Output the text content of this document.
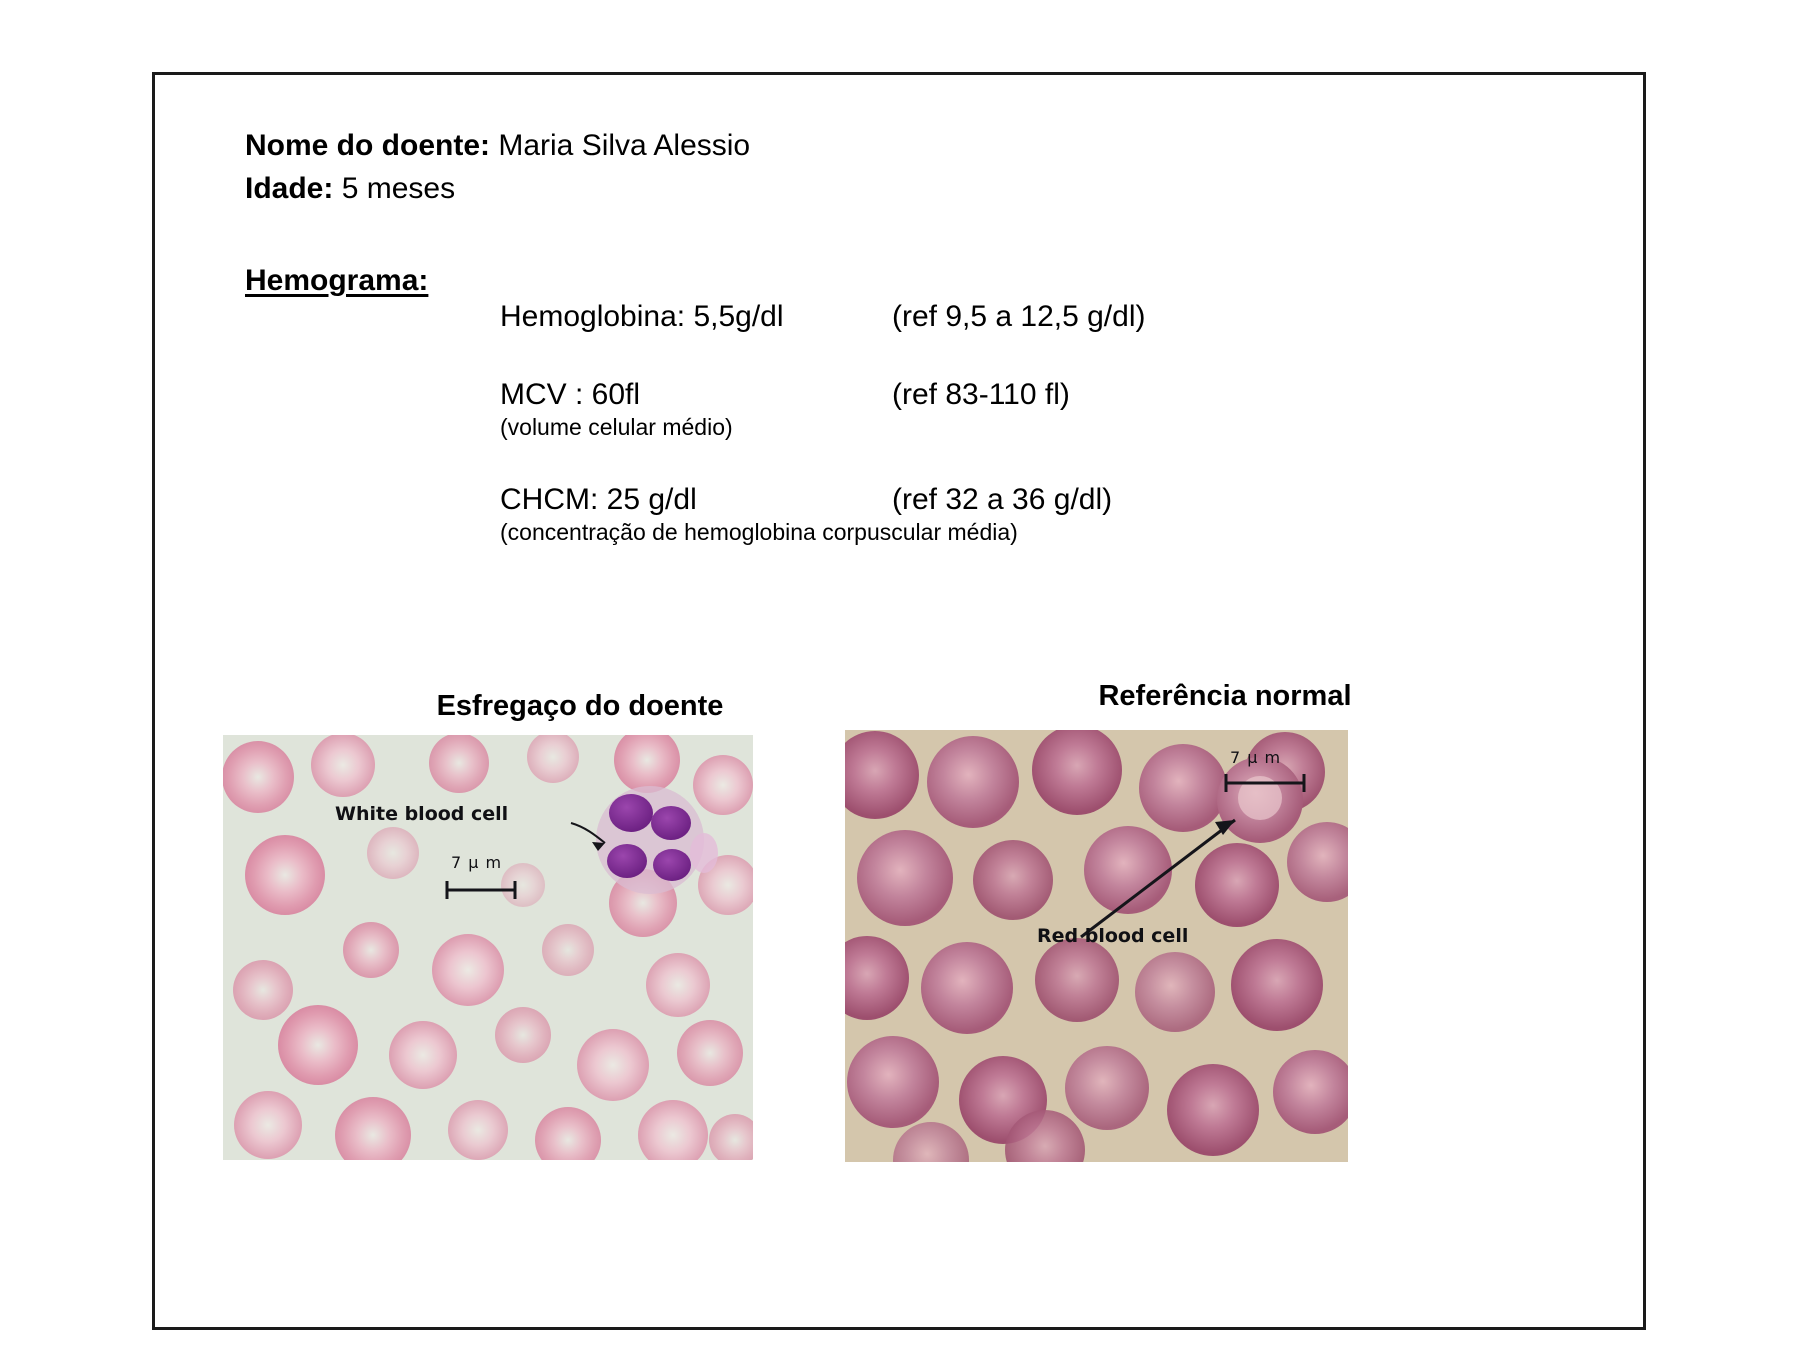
Nome do doente: Maria Silva Alessio
Idade: 5 meses
Hemograma:
Hemoglobina: 5,5g/dl	(ref 9,5 a 12,5 g/dl)
MCV : 60fl	(ref 83-110 fl)
(volume celular médio)
CHCM: 25 g/dl	(ref 32 a 36 g/dl)
(concentração de hemoglobina corpuscular média)
Esfregaço do doente	Referência normal
White blood cell
7 µ m
Red blood cell
7 µ m
